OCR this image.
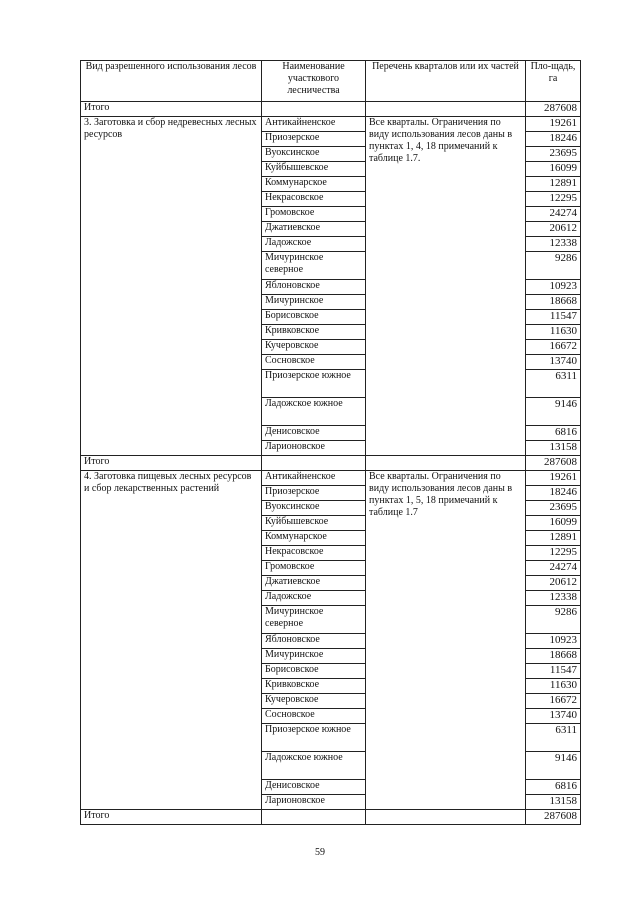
Вид разрешенного использования лесов	Наименование участкового лесничества	Перечень кварталов или их частей	Пло-щадь, га
Итого			287608
3. Заготовка и сбор недревесных лесных ресурсов	Антикайненское	Все кварталы. Ограничения по виду использования лесов даны в пунктах 1, 4, 18 примечаний к таблице 1.7.	19261
	Приозерское		18246
	Вуоксинское		23695
	Куйбышевское		16099
	Коммунарское		12891
	Некрасовское		12295
	Громовское		24274
	Джатиевское		20612
	Ладожское		12338
	Мичуринское северное		9286
	Яблоновское		10923
	Мичуринское		18668
	Борисовское		11547
	Кривковское		11630
	Кучеровское		16672
	Сосновское		13740
	Приозерское южное		6311
	Ладожское южное		9146
	Денисовское		6816
	Ларионовское		13158
Итого			287608
4. Заготовка пищевых лесных ресурсов и сбор лекарственных растений	Антикайненское	Все кварталы. Ограничения по виду использования лесов даны в пунктах 1, 5, 18 примечаний к таблице 1.7	19261
	Приозерское		18246
	Вуоксинское		23695
	Куйбышевское		16099
	Коммунарское		12891
	Некрасовское		12295
	Громовское		24274
	Джатиевское		20612
	Ладожское		12338
	Мичуринское северное		9286
	Яблоновское		10923
	Мичуринское		18668
	Борисовское		11547
	Кривковское		11630
	Кучеровское		16672
	Сосновское		13740
	Приозерское южное		6311
	Ладожское южное		9146
	Денисовское		6816
	Ларионовское		13158
Итого			287608
59
